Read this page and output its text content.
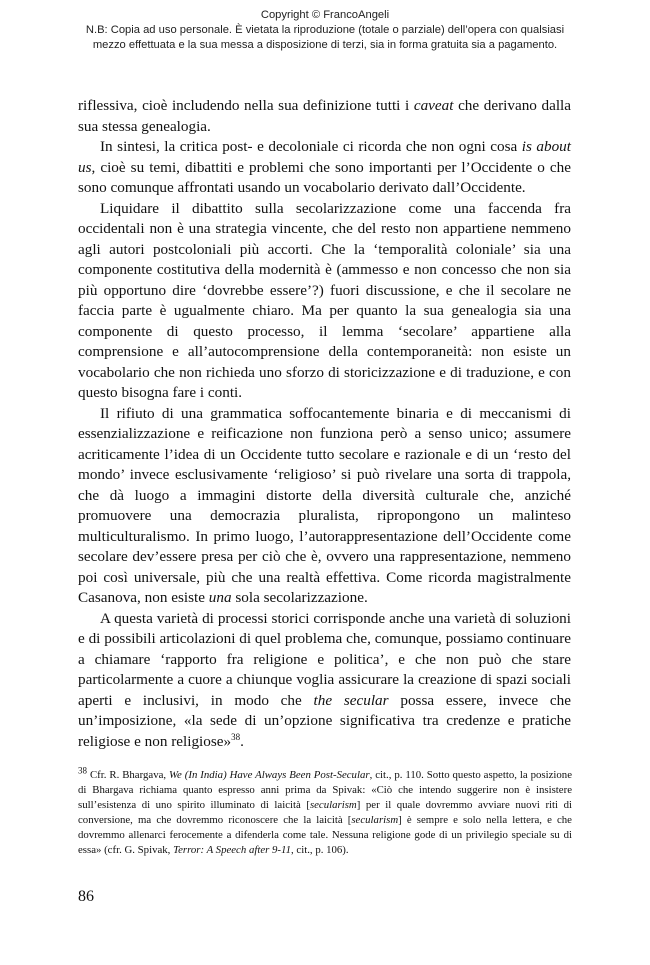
Copyright © FrancoAngeli
N.B: Copia ad uso personale. È vietata la riproduzione (totale o parziale) dell’opera con qualsiasi
mezzo effettuata e la sua messa a disposizione di terzi, sia in forma gratuita sia a pagamento.

riflessiva, cioè includendo nella sua definizione tutti i caveat che derivano dalla sua stessa genealogia.

In sintesi, la critica post- e decoloniale ci ricorda che non ogni cosa is about us, cioè su temi, dibattiti e problemi che sono importanti per l’Occidente o che sono comunque affrontati usando un vocabolario derivato dall’Occidente.

Liquidare il dibattito sulla secolarizzazione come una faccenda fra occidentali non è una strategia vincente, che del resto non appartiene nemmeno agli autori postcoloniali più accorti. Che la ‘temporalità coloniale’ sia una componente costitutiva della modernità è (ammesso e non concesso che non sia più opportuno dire ‘dovrebbe essere’?) fuori discussione, e che il secolare ne faccia parte è ugualmente chiaro. Ma per quanto la sua genealogia sia una componente di questo processo, il lemma ‘secolare’ appartiene alla comprensione e all’autocomprensione della contemporaneità: non esiste un vocabolario che non richieda uno sforzo di storicizzazione e di traduzione, e con questo bisogna fare i conti.

Il rifiuto di una grammatica soffocantemente binaria e di meccanismi di essenzializzazione e reificazione non funziona però a senso unico; assumere acriticamente l’idea di un Occidente tutto secolare e razionale e di un ‘resto del mondo’ invece esclusivamente ‘religioso’ si può rivelare una sorta di trappola, che dà luogo a immagini distorte della diversità culturale che, anziché promuovere una democrazia pluralista, ripropongono un malinteso multiculturalismo. In primo luogo, l’autorappresentazione dell’Occidente come secolare dev’essere presa per ciò che è, ovvero una rappresentazione, nemmeno poi così universale, più che una realtà effettiva. Come ricorda magistralmente Casanova, non esiste una sola secolarizzazione.

A questa varietà di processi storici corrisponde anche una varietà di soluzioni e di possibili articolazioni di quel problema che, comunque, possiamo continuare a chiamare ‘rapporto fra religione e politica’, e che non può che stare particolarmente a cuore a chiunque voglia assicurare la creazione di spazi sociali aperti e inclusivi, in modo che the secular possa essere, invece che un’imposizione, «la sede di un’opzione significativa tra credenze e pratiche religiose e non religiose»$^{38}$.

$^{38}$ Cfr. R. Bhargava, We (In India) Have Always Been Post-Secular, cit., p. 110. Sotto questo aspetto, la posizione di Bhargava richiama quanto espresso anni prima da Spivak: «Ciò che intendo suggerire non è insistere sull’esistenza di uno spirito illuminato di laicità [secularism] per il quale dovremmo avviare nuovi riti di conversione, ma che dovremmo riconoscere che la laicità [secularism] è sempre e solo nella lettera, e che dovremmo allenarci ferocemente a difenderla come tale. Nessuna religione gode di un privilegio speciale su di essa» (cfr. G. Spivak, Terror: A Speech after 9-11, cit., p. 106).

86
